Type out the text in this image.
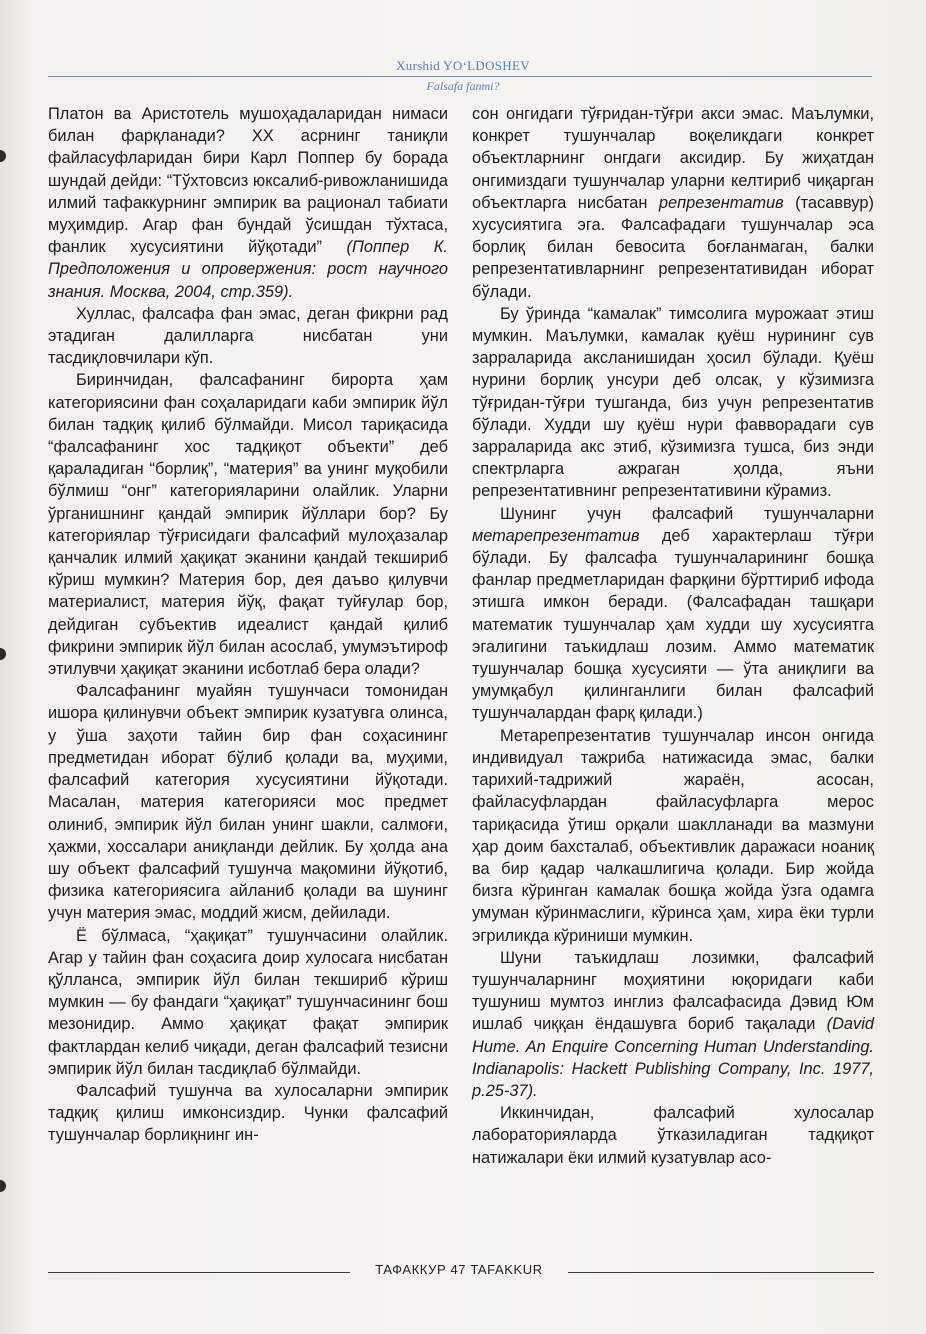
Xurshid YO‘LDOSHEV
Falsafa fanmi?

Платон ва Аристотель мушоҳадаларидан нимаси билан фарқланади? XX асрнинг таниқли файласуфларидан бири Карл Поппер бу борада шундай дейди: “Тўхтовсиз юксалиб-ривожланишида илмий тафаккурнинг эмпирик ва рационал табиати муҳимдир. Агар фан бундай ўсишдан тўхтаса, фанлик хусусиятини йўқотади” (Поппер К. Предположения и опровержения: рост научного знания. Москва, 2004, стр.359).

Хуллас, фалсафа фан эмас, деган фикрни рад этадиган далилларга нисбатан уни тасдиқловчилари кўп.

Биринчидан, фалсафанинг бирорта ҳам категориясини фан соҳаларидаги каби эмпирик йўл билан тадқиқ қилиб бўлмайди. Мисол тариқасида “фалсафанинг хос тадқиқот объекти” деб қараладиган “борлиқ”, “материя” ва унинг муқобили бўлмиш “онг” категорияларини олайлик. Уларни ўрганишнинг қандай эмпирик йўллари бор? Бу категориялар тўғрисидаги фалсафий мулоҳазалар қанчалик илмий ҳақиқат эканини қандай текшириб кўриш мумкин? Материя бор, дея даъво қилувчи материалист, материя йўқ, фақат туйғулар бор, дейдиган субъектив идеалист қандай қилиб фикрини эмпирик йўл билан асослаб, умумэътироф этилувчи ҳақиқат эканини исботлаб бера олади?

Фалсафанинг муайян тушунчаси томонидан ишора қилинувчи объект эмпирик кузатувга олинса, у ўша заҳоти тайин бир фан соҳасининг предметидан иборат бўлиб қолади ва, муҳими, фалсафий категория хусусиятини йўқотади. Масалан, материя категорияси мос предмет олиниб, эмпирик йўл билан унинг шакли, салмоғи, ҳажми, хоссалари аниқланди дейлик. Бу ҳолда ана шу объект фалсафий тушунча мақомини йўқотиб, физика категориясига айланиб қолади ва шунинг учун материя эмас, моддий жисм, дейилади.

Ё бўлмаса, “ҳақиқат” тушунчасини олайлик. Агар у тайин фан соҳасига доир хулосага нисбатан қўлланса, эмпирик йўл билан текшириб кўриш мумкин — бу фандаги “ҳақиқат” тушунчасининг бош мезонидир. Аммо ҳақиқат фақат эмпирик фактлардан келиб чиқади, деган фалсафий тезисни эмпирик йўл билан тасдиқлаб бўлмайди.

Фалсафий тушунча ва хулосаларни эмпирик тадқиқ қилиш имконсиздир. Чунки фалсафий тушунчалар борлиқнинг ин-

сон онгидаги тўғридан-тўғри акси эмас. Маълумки, конкрет тушунчалар воқеликдаги конкрет объектларнинг онгдаги аксидир. Бу жиҳатдан онгимиздаги тушунчалар уларни келтириб чиқарган объектларга нисбатан репрезентатив (тасаввур) хусусиятига эга. Фалсафадаги тушунчалар эса борлиқ билан бевосита боғланмаган, балки репрезентативларнинг репрезентативидан иборат бўлади.

Бу ўринда “камалак” тимсолига мурожаат этиш мумкин. Маълумки, камалак қуёш нурининг сув зарраларида аксланишидан ҳосил бўлади. Қуёш нурини борлиқ унсури деб олсак, у кўзимизга тўғридан-тўғри тушганда, биз учун репрезентатив бўлади. Худди шу қуёш нури фавворадаги сув зарраларида акс этиб, кўзимизга тушса, биз энди спектрларга ажраган ҳолда, яъни репрезентативнинг репрезентативини кўрамиз.

Шунинг учун фалсафий тушунчаларни метарепрезентатив деб характерлаш тўғри бўлади. Бу фалсафа тушунчаларининг бошқа фанлар предметларидан фарқини бўрттириб ифода этишга имкон беради. (Фалсафадан ташқари математик тушунчалар ҳам худди шу хусусиятга эгалигини таъкидлаш лозим. Аммо математик тушунчалар бошқа хусусияти — ўта аниқлиги ва умумқабул қилинганлиги билан фалсафий тушунчалардан фарқ қилади.)

Метарепрезентатив тушунчалар инсон онгида индивидуал тажриба натижасида эмас, балки тарихий-тадрижий жараён, асосан, файласуфлардан файласуфларга мерос тариқасида ўтиш орқали шаклланади ва мазмуни ҳар доим бахсталаб, объективлик даражаси ноаниқ ва бир қадар чалкашлигича қолади. Бир жойда бизга кўринган камалак бошқа жойда ўзга одамга умуман кўринмаслиги, кўринса ҳам, хира ёки турли эгриликда кўриниши мумкин.

Шуни таъкидлаш лозимки, фалсафий тушунчаларнинг моҳиятини юқоридаги каби тушуниш мумтоз инглиз фалсафасида Дэвид Юм ишлаб чиққан ёндашувга бориб тақалади (David Hume. An Enquire Concerning Human Understanding. Indianapolis: Hackett Publishing Company, Inc. 1977, p.25-37).

Иккинчидан, фалсафий хулосалар лабораторияларда ўтказиладиган тадқиқот натижалари ёки илмий кузатувлар асо-

ТАФАККУР 47 TAFAKKUR
